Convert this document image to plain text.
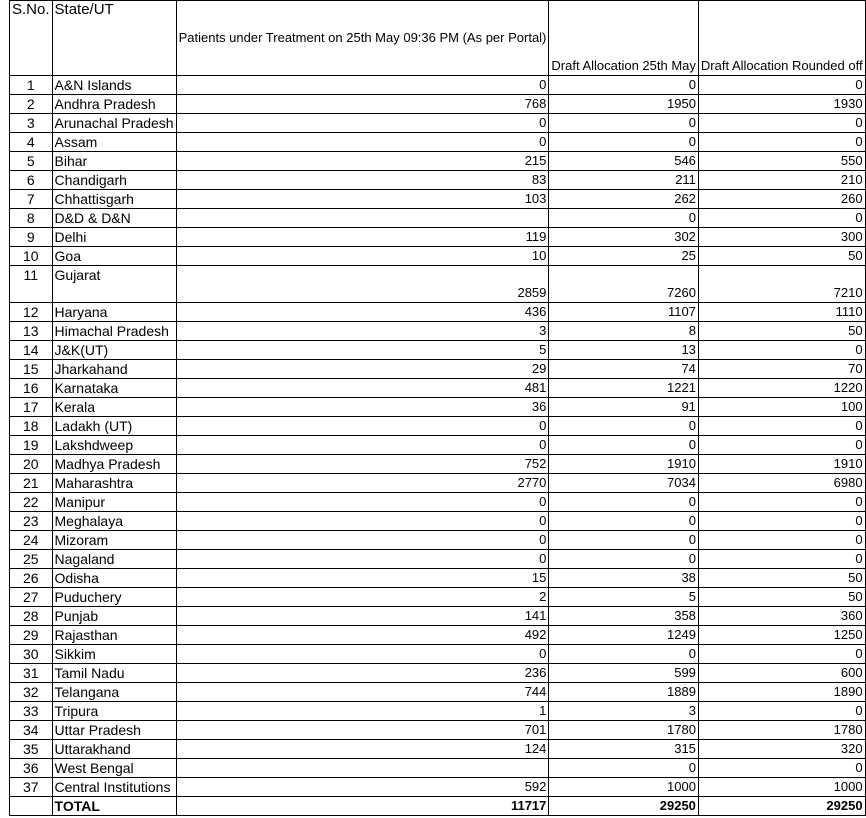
S.No.	State/UT	Patients under Treatment on 25th May 09:36 PM (As per Portal)	Draft Allocation 25th May	Draft Allocation Rounded off
1	A&N Islands	0	0	0
2	Andhra Pradesh	768	1950	1930
3	Arunachal Pradesh	0	0	0
4	Assam	0	0	0
5	Bihar	215	546	550
6	Chandigarh	83	211	210
7	Chhattisgarh	103	262	260
8	D&D & D&N		0	0
9	Delhi	119	302	300
10	Goa	10	25	50
11	Gujarat	2859	7260	7210
12	Haryana	436	1107	1110
13	Himachal Pradesh	3	8	50
14	J&K(UT)	5	13	0
15	Jharkahand	29	74	70
16	Karnataka	481	1221	1220
17	Kerala	36	91	100
18	Ladakh (UT)	0	0	0
19	Lakshdweep	0	0	0
20	Madhya Pradesh	752	1910	1910
21	Maharashtra	2770	7034	6980
22	Manipur	0	0	0
23	Meghalaya	0	0	0
24	Mizoram	0	0	0
25	Nagaland	0	0	0
26	Odisha	15	38	50
27	Puduchery	2	5	50
28	Punjab	141	358	360
29	Rajasthan	492	1249	1250
30	Sikkim	0	0	0
31	Tamil Nadu	236	599	600
32	Telangana	744	1889	1890
33	Tripura	1	3	0
34	Uttar Pradesh	701	1780	1780
35	Uttarakhand	124	315	320
36	West Bengal		0	0
37	Central Institutions	592	1000	1000
	TOTAL	11717	29250	29250
